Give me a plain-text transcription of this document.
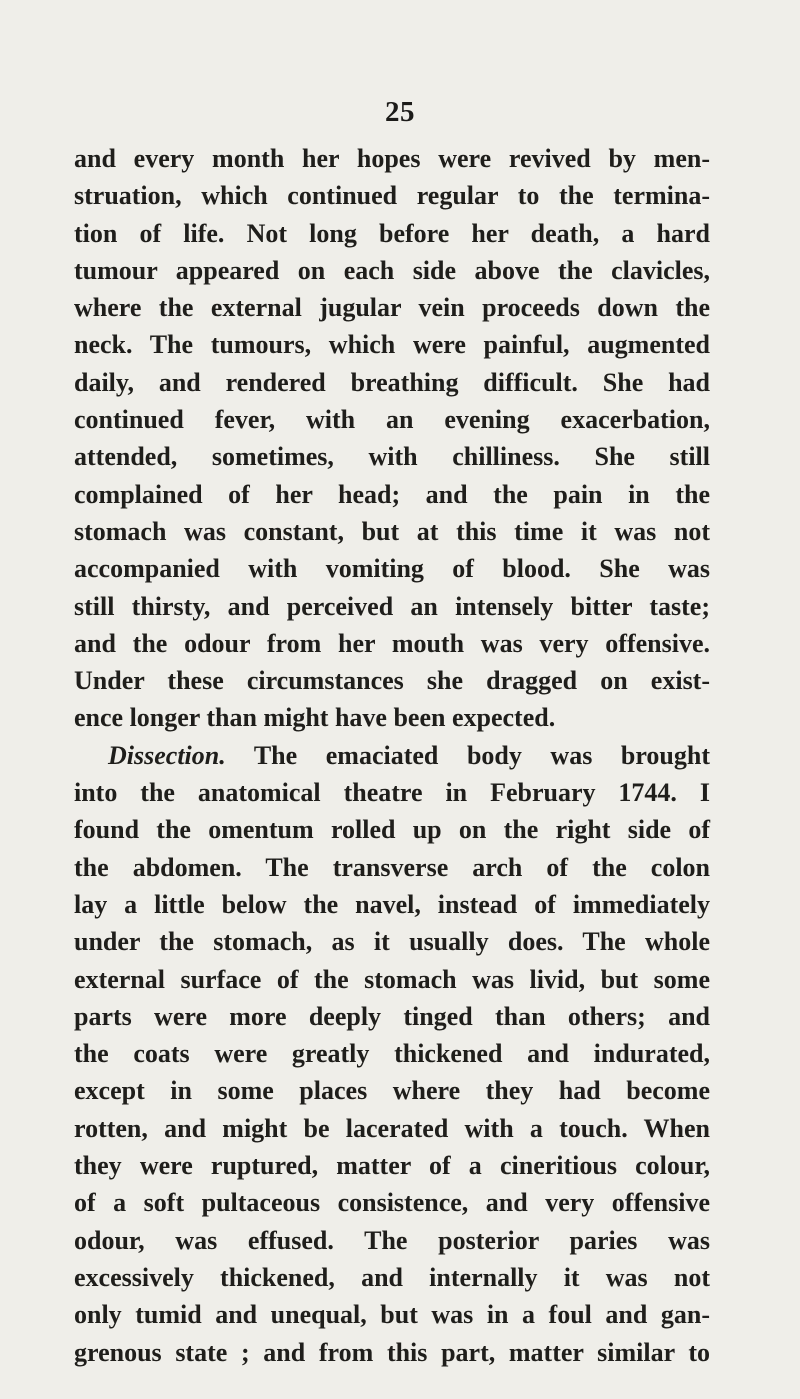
25
and every month her hopes were revived by men-
struation, which continued regular to the termina-
tion of life. Not long before her death, a hard
tumour appeared on each side above the clavicles,
where the external jugular vein proceeds down the
neck. The tumours, which were painful, augmented
daily, and rendered breathing difficult. She had
continued fever, with an evening exacerbation,
attended, sometimes, with chilliness. She still
complained of her head; and the pain in the
stomach was constant, but at this time it was not
accompanied with vomiting of blood. She was
still thirsty, and perceived an intensely bitter taste;
and the odour from her mouth was very offensive.
Under these circumstances she dragged on exist-
ence longer than might have been expected.
Dissection. The emaciated body was brought
into the anatomical theatre in February 1744. I
found the omentum rolled up on the right side of
the abdomen. The transverse arch of the colon
lay a little below the navel, instead of immediately
under the stomach, as it usually does. The whole
external surface of the stomach was livid, but some
parts were more deeply tinged than others; and
the coats were greatly thickened and indurated,
except in some places where they had become
rotten, and might be lacerated with a touch. When
they were ruptured, matter of a cineritious colour,
of a soft pultaceous consistence, and very offensive
odour, was effused. The posterior paries was
excessively thickened, and internally it was not
only tumid and unequal, but was in a foul and gan-
grenous state ; and from this part, matter similar to
